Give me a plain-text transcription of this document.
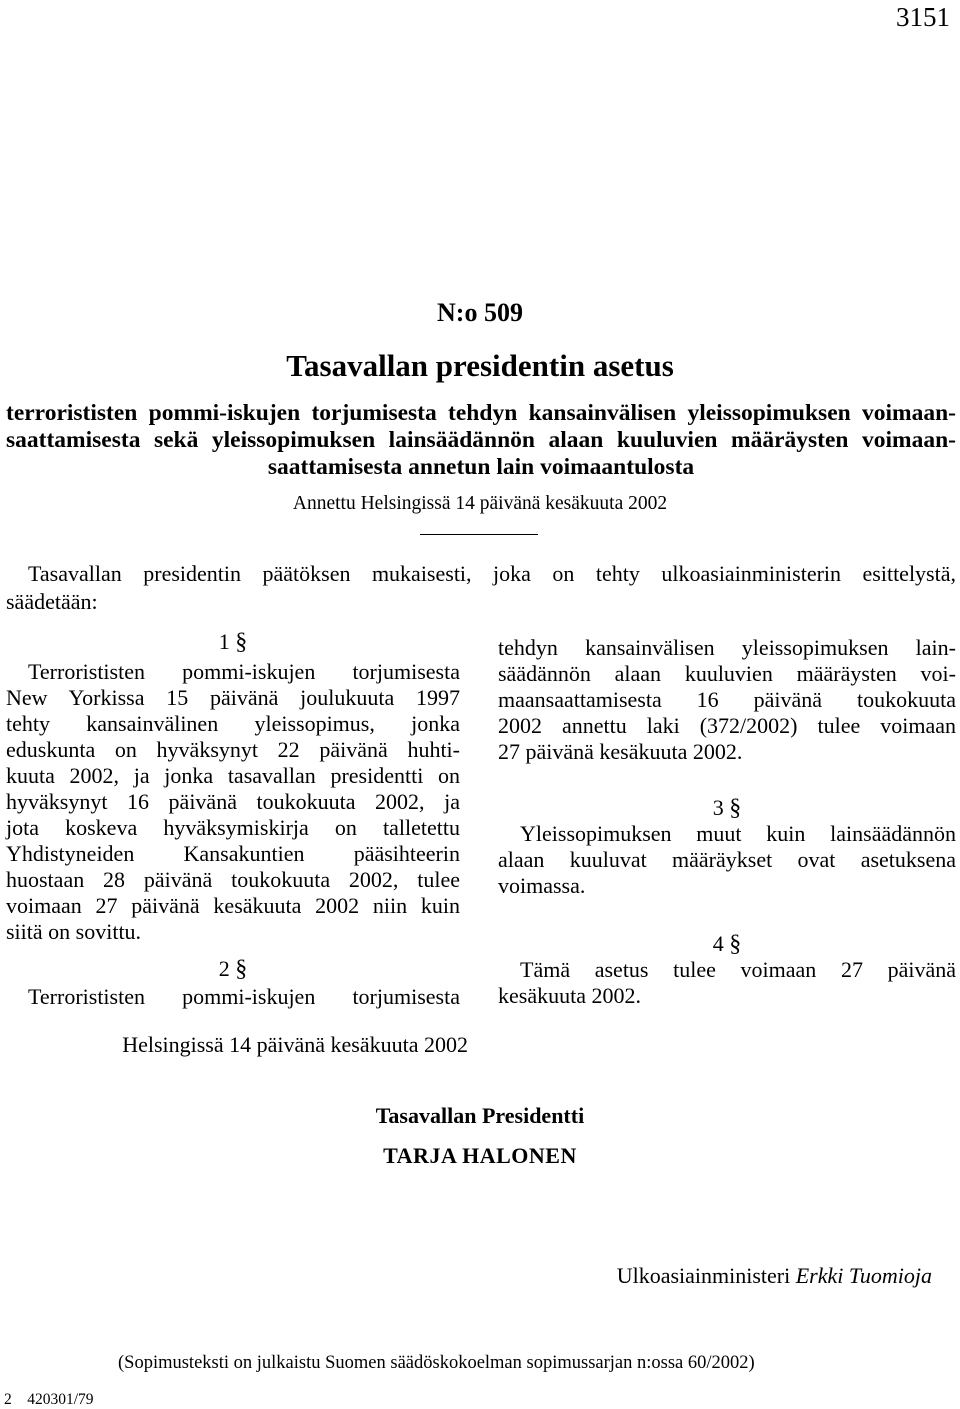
3151
N:o 509
Tasavallan presidentin asetus
terrorististen pommi-iskujen torjumisesta tehdyn kansainvälisen yleissopimuksen voimaan-
saattamisesta sekä yleissopimuksen lainsäädännön alaan kuuluvien määräysten voimaan-
saattamisesta annetun lain voimaantulosta
Annettu Helsingissä 14 päivänä kesäkuuta 2002
Tasavallan presidentin päätöksen mukaisesti, joka on tehty ulkoasiainministerin esittelystä,
säädetään:
1 §
Terrorististen pommi-iskujen torjumisesta
New Yorkissa 15 päivänä joulukuuta 1997
tehty kansainvälinen yleissopimus, jonka
eduskunta on hyväksynyt 22 päivänä huhti-
kuuta 2002, ja jonka tasavallan presidentti on
hyväksynyt 16 päivänä toukokuuta 2002, ja
jota koskeva hyväksymiskirja on talletettu
Yhdistyneiden Kansakuntien pääsihteerin
huostaan 28 päivänä toukokuuta 2002, tulee
voimaan 27 päivänä kesäkuuta 2002 niin kuin
siitä on sovittu.
2 §
Terrorististen pommi-iskujen torjumisesta
tehdyn kansainvälisen yleissopimuksen lain-
säädännön alaan kuuluvien määräysten voi-
maansaattamisesta 16 päivänä toukokuuta
2002 annettu laki (372/2002) tulee voimaan
27 päivänä kesäkuuta 2002.
3 §
Yleissopimuksen muut kuin lainsäädännön
alaan kuuluvat määräykset ovat asetuksena
voimassa.
4 §
Tämä asetus tulee voimaan 27 päivänä
kesäkuuta 2002.
Helsingissä 14 päivänä kesäkuuta 2002
Tasavallan Presidentti
TARJA HALONEN
Ulkoasiainministeri Erkki Tuomioja
(Sopimusteksti on julkaistu Suomen säädöskokoelman sopimussarjan n:ossa 60/2002)
2    420301/79
